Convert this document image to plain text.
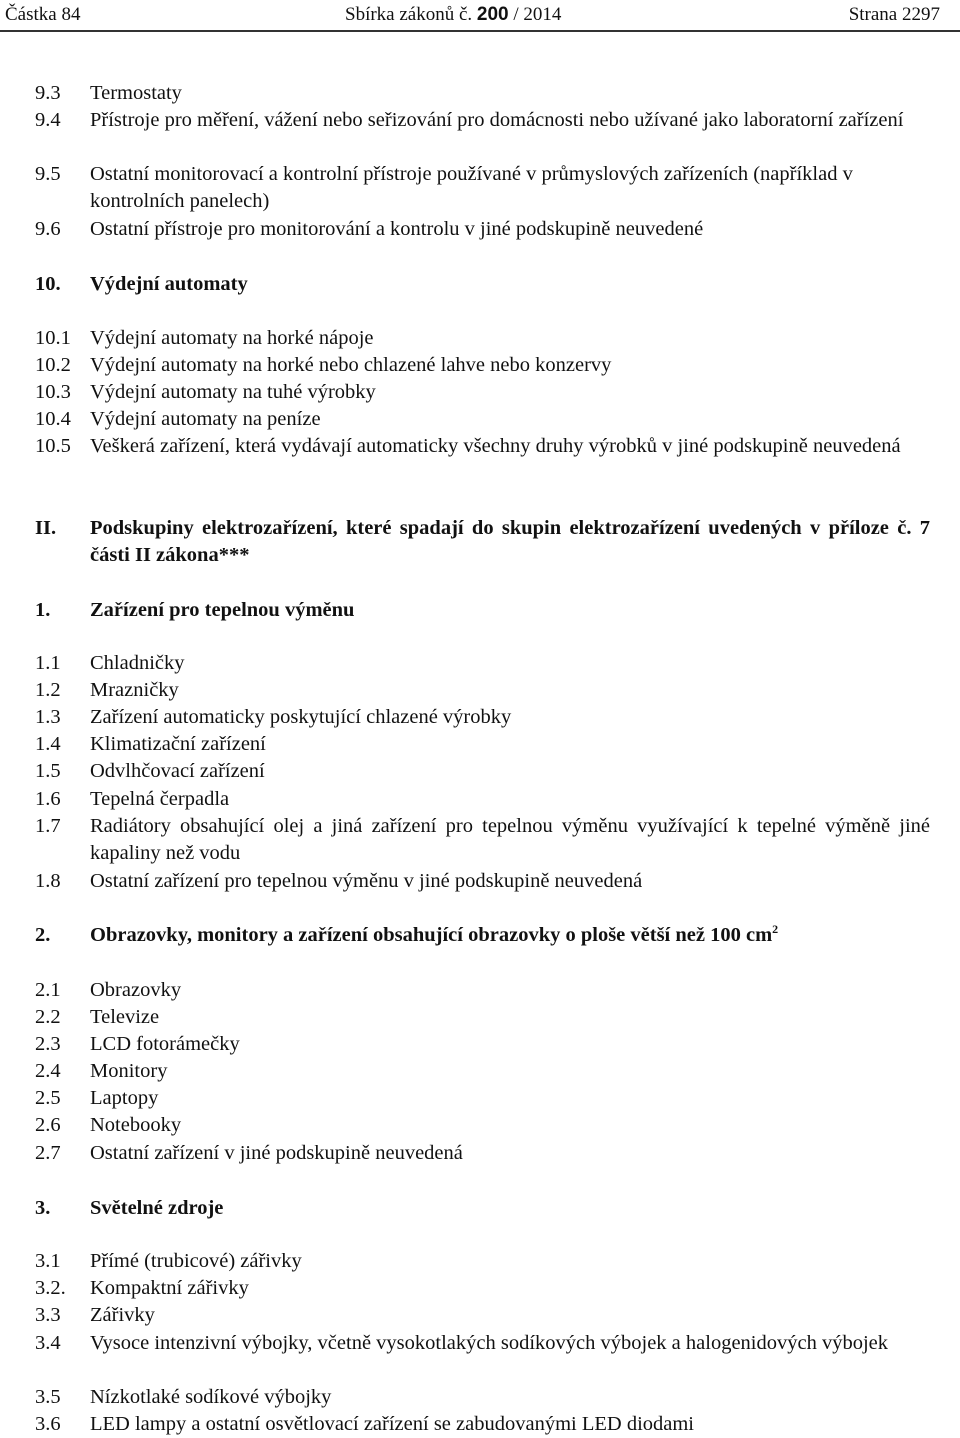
Částka 84	Sbírka zákonů č. 200 / 2014	Strana 2297
9.3	Termostaty
9.4	Přístroje pro měření, vážení nebo seřizování pro domácnosti nebo užívané jako laboratorní zařízení
9.5	Ostatní monitorovací a kontrolní přístroje používané v průmyslových zařízeních (například v kontrolních panelech)
9.6	Ostatní přístroje pro monitorování a kontrolu v jiné podskupině neuvedené
10.	Výdejní automaty
10.1 Výdejní automaty na horké nápoje
10.2 Výdejní automaty na horké nebo chlazené lahve nebo konzervy
10.3 Výdejní automaty na tuhé výrobky
10.4 Výdejní automaty na peníze
10.5 Veškerá zařízení, která vydávají automaticky všechny druhy výrobků v jiné podskupině neuvedená
II.	Podskupiny elektrozařízení, které spadají do skupin elektrozařízení uvedených v příloze č. 7 části II zákona***
1.	Zařízení pro tepelnou výměnu
1.1	Chladničky
1.2	Mrazničky
1.3	Zařízení automaticky poskytující chlazené výrobky
1.4	Klimatizační zařízení
1.5	Odvlhčovací zařízení
1.6	Tepelná čerpadla
1.7	Radiátory obsahující olej a jiná zařízení pro tepelnou výměnu využívající k tepelné výměně jiné kapaliny než vodu
1.8	Ostatní zařízení pro tepelnou výměnu v jiné podskupině neuvedená
2.	Obrazovky, monitory a zařízení obsahující obrazovky o ploše větší než 100 $cm^2$
2.1	Obrazovky
2.2	Televize
2.3	LCD fotorámečky
2.4	Monitory
2.5	Laptopy
2.6	Notebooky
2.7	Ostatní zařízení v jiné podskupině neuvedená
3.	Světelné zdroje
3.1	Přímé (trubicové) zářivky
3.2.	Kompaktní zářivky
3.3	Zářivky
3.4	Vysoce intenzivní výbojky, včetně vysokotlakých sodíkových výbojek a halogenidových výbojek
3.5	Nízkotlaké sodíkové výbojky
3.6	LED lampy a ostatní osvětlovací zařízení se zabudovanými LED diodami
